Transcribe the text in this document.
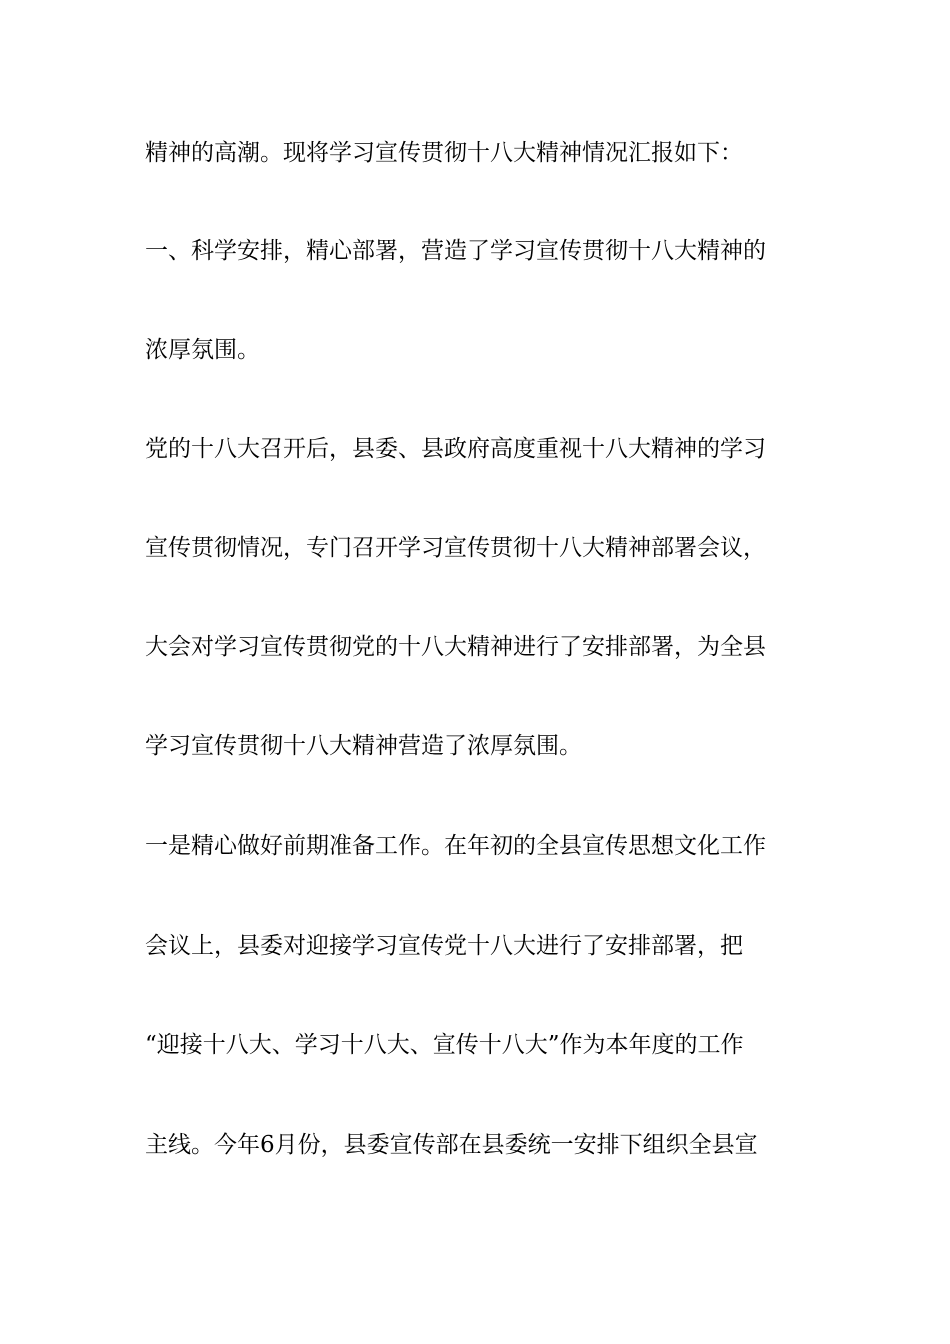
精神的高潮。现将学习宣传贯彻十八大精神情况汇报如下：
一、科学安排，精心部署，营造了学习宣传贯彻十八大精神的
浓厚氛围。
党的十八大召开后，县委、县政府高度重视十八大精神的学习
宣传贯彻情况，专门召开学习宣传贯彻十八大精神部署会议，
大会对学习宣传贯彻党的十八大精神进行了安排部署，为全县
学习宣传贯彻十八大精神营造了浓厚氛围。
一是精心做好前期准备工作。在年初的全县宣传思想文化工作
会议上，县委对迎接学习宣传党十八大进行了安排部署，把
“迎接十八大、学习十八大、宣传十八大”作为本年度的工作
主线。今年6月份，县委宣传部在县委统一安排下组织全县宣
